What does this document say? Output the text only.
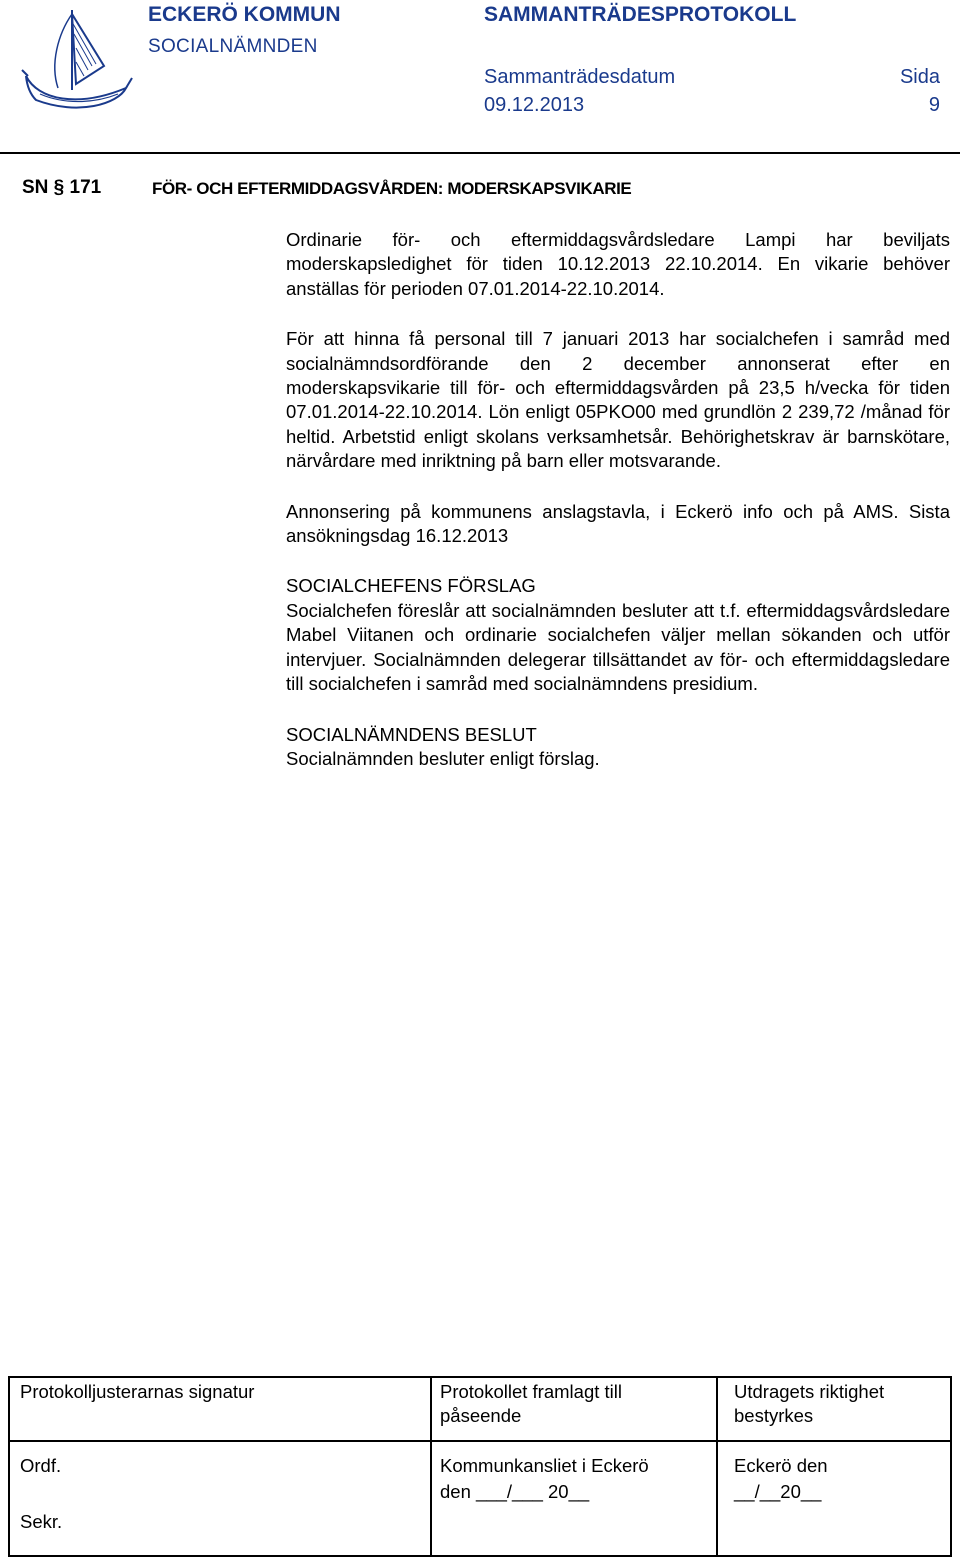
ECKERÖ KOMMUN
SOCIALNÄMNDEN
SAMMANTRÄDESPROTOKOLL
Sammanträdesdatum
09.12.2013
Sida
9
SN § 171	FÖR- OCH EFTERMIDDAGSVÅRDEN: MODERSKAPSVIKARIE

Ordinarie för- och eftermiddagsvårdsledare Lampi har beviljats moderskapsledighet för tiden 10.12.2013 22.10.2014. En vikarie behöver anställas för perioden 07.01.2014-22.10.2014.

För att hinna få personal till 7 januari 2013 har socialchefen i samråd med socialnämndsordförande den 2 december annonserat efter en moderskapsvikarie till för- och eftermiddagsvården på 23,5 h/vecka för tiden 07.01.2014-22.10.2014. Lön enligt 05PKO00 med grundlön 2 239,72 /månad för heltid. Arbetstid enligt skolans verksamhetsår. Behörighetskrav är barnskötare, närvårdare med inriktning på barn eller motsvarande.

Annonsering på kommunens anslagstavla, i Eckerö info och på AMS. Sista ansökningsdag 16.12.2013

SOCIALCHEFENS FÖRSLAG

Socialchefen föreslår att socialnämnden besluter att t.f. eftermiddagsvårdsledare Mabel Viitanen och ordinarie socialchefen väljer mellan sökanden och utför intervjuer. Socialnämnden delegerar tillsättandet av för- och eftermiddagsledare till socialchefen i samråd med socialnämndens presidium.

SOCIALNÄMNDENS BESLUT

Socialnämnden besluter enligt förslag.

Protokolljusterarnas signatur
Ordf.
Sekr.
Protokollet framlagt till
påseende
Kommunkansliet i Eckerö
den ___/___ 20__
Utdragets riktighet
bestyrkes
Eckerö den
__/__20__
